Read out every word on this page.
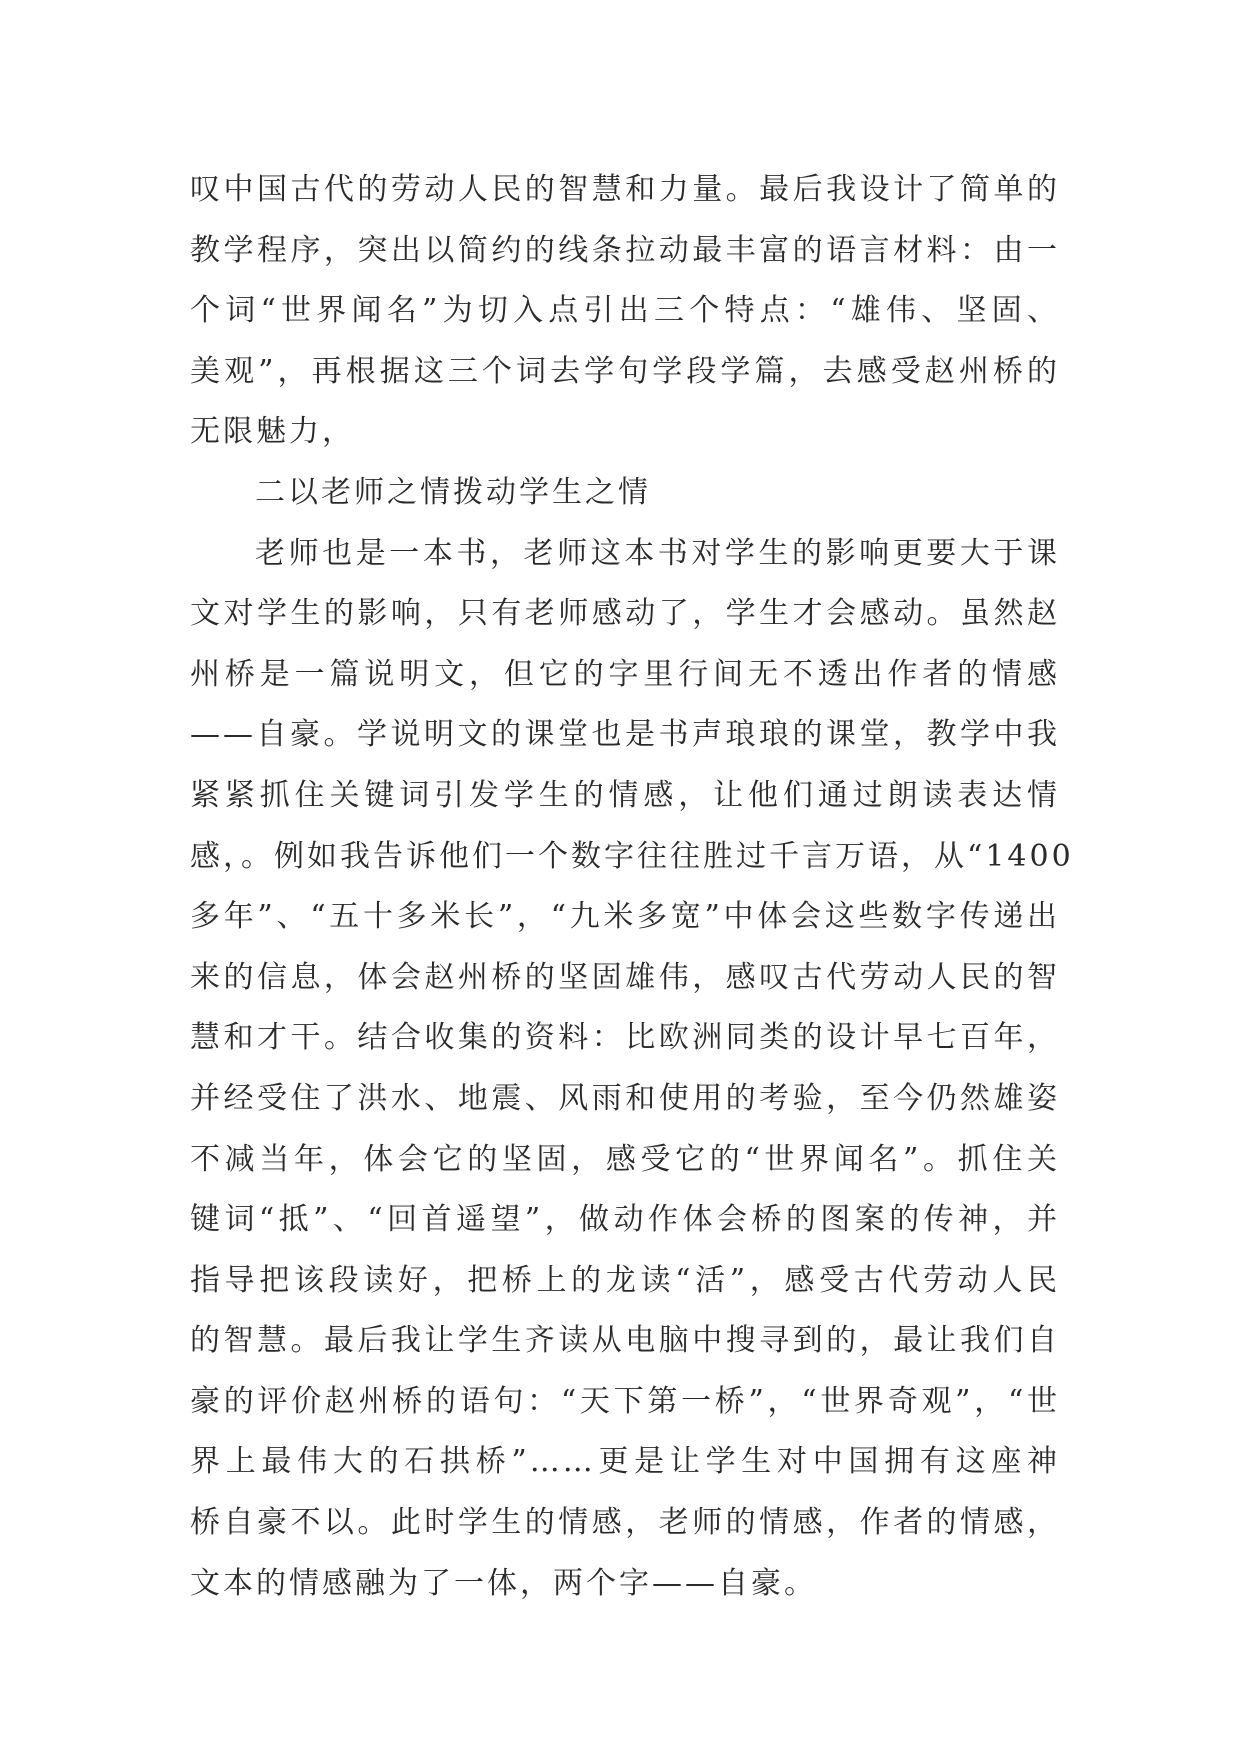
叹中国古代的劳动人民的智慧和力量。最后我设计了简单的
教学程序，突出以简约的线条拉动最丰富的语言材料：由一
个词“世界闻名”为切入点引出三个特点：“雄伟、坚固、
美观”，再根据这三个词去学句学段学篇，去感受赵州桥的
无限魅力，
二以老师之情拨动学生之情
老师也是一本书，老师这本书对学生的影响更要大于课
文对学生的影响，只有老师感动了，学生才会感动。虽然赵
州桥是一篇说明文，但它的字里行间无不透出作者的情感
——自豪。学说明文的课堂也是书声琅琅的课堂，教学中我
紧紧抓住关键词引发学生的情感，让他们通过朗读表达情
感，。例如我告诉他们一个数字往往胜过千言万语，从“1400
多年”、“五十多米长”，“九米多宽”中体会这些数字传递出
来的信息，体会赵州桥的坚固雄伟，感叹古代劳动人民的智
慧和才干。结合收集的资料：比欧洲同类的设计早七百年，
并经受住了洪水、地震、风雨和使用的考验，至今仍然雄姿
不减当年，体会它的坚固，感受它的“世界闻名”。抓住关
键词“抵”、“回首遥望”，做动作体会桥的图案的传神，并
指导把该段读好，把桥上的龙读“活”，感受古代劳动人民
的智慧。最后我让学生齐读从电脑中搜寻到的，最让我们自
豪的评价赵州桥的语句：“天下第一桥”，“世界奇观”，“世
界上最伟大的石拱桥”……更是让学生对中国拥有这座神
桥自豪不以。此时学生的情感，老师的情感，作者的情感，
文本的情感融为了一体，两个字——自豪。
